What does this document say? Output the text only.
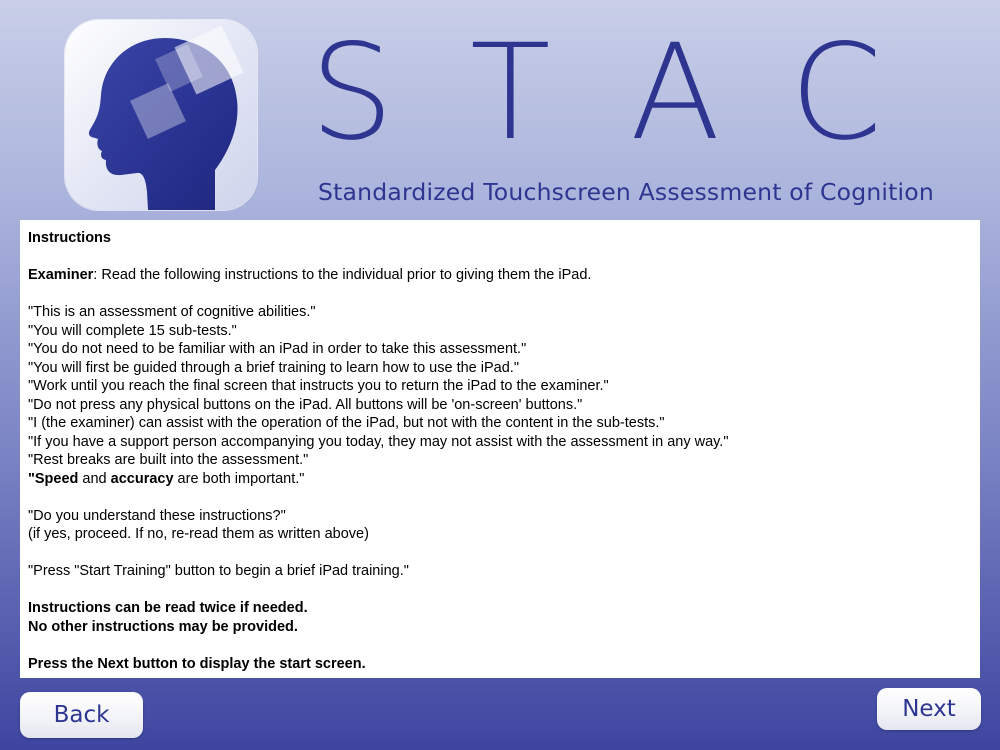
S T A C
Standardized Touchscreen Assessment of Cognition

Instructions

Examiner: Read the following instructions to the individual prior to giving them the iPad.

"This is an assessment of cognitive abilities."

"You will complete 15 sub-tests."

"You do not need to be familiar with an iPad in order to take this assessment."

"You will first be guided through a brief training to learn how to use the iPad."

"Work until you reach the final screen that instructs you to return the iPad to the examiner."

"Do not press any physical buttons on the iPad. All buttons will be 'on-screen' buttons."

"I (the examiner) can assist with the operation of the iPad, but not with the content in the sub-tests."

"If you have a support person accompanying you today, they may not assist with the assessment in any way."

"Rest breaks are built into the assessment."

"Speed and accuracy are both important."

"Do you understand these instructions?"

(if yes, proceed. If no, re-read them as written above)

"Press "Start Training" button to begin a brief iPad training."

Instructions can be read twice if needed.

No other instructions may be provided.

Press the Next button to display the start screen.

Back	Next
